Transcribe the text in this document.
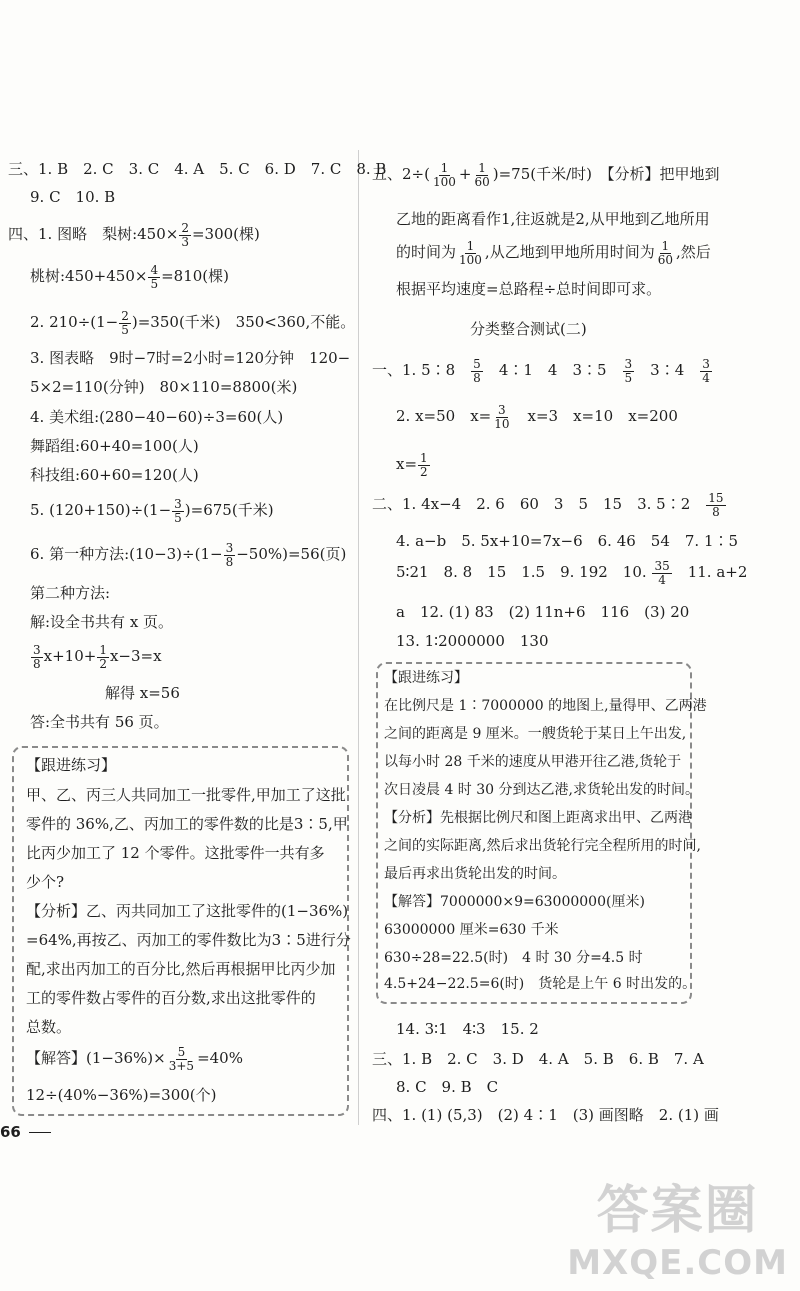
三、1. B　2. C　3. C　4. A　5. C　6. D　7. C　8. B
9. C　10. B
四、1. 图略　梨树:450× $\frac{2}{3} =300$(棵)
桃树:450+450× $\frac{4}{5} =810$(棵)
2. $210\div(1- \frac{2}{5} )=350$(千米)　350<360,不能。
3. 图表略　9时−7时=2小时=120分钟　120−
5×2=110(分钟)　80×110=8800(米)
4. 美术组:(280−40−60)÷3=60(人)
舞蹈组:60+40=100(人)
科技组:60+60=120(人)
5. $(120+150)\div(1- \frac{3}{5} )=675$(千米)
6. 第一种方法:(10−3)÷(1− $\frac{3}{8} -50\%)=56$(页)
第二种方法:
解:设全书共有 x 页。
$\frac{3}{8} x+10+ \frac{1}{2} x-3=x$
解得 x=56
答:全书共有 56 页。
【跟进练习】
甲、乙、丙三人共同加工一批零件,甲加工了这批
零件的 36%,乙、丙加工的零件数的比是3∶5,甲
比丙少加工了 12 个零件。这批零件一共有多
少个?
【分析】乙、丙共同加工了这批零件的(1−36%)
=64%,再按乙、丙加工的零件数比为3∶5进行分
配,求出丙加工的百分比,然后再根据甲比丙少加
工的零件数占零件的百分数,求出这批零件的
总数。
【解答】$(1-36\%)\times \frac{5}{3+5} =40\%$
12÷(40%−36%)=300(个)
66
五、$2\div( \frac{1}{100} + \frac{1}{60} )=75$(千米/时)　【分析】把甲地到
乙地的距离看作1,往返就是2,从甲地到乙地所用
的时间为 $\frac{1}{100}$ ,从乙地到甲地所用时间为 $\frac{1}{60}$ ,然后
根据平均速度=总路程÷总时间即可求。
分类整合测试(二)
一、1. 5∶8　 $\frac{5}{8}$ 　4∶1　4　3∶5　 $\frac{3}{5}$ 　3∶4　 $\frac{3}{4}$
2. x=50　$x= \frac{3}{10}$ 　x=3　x=10　x=200
$x= \frac{1}{2}$
二、1. 4x−4　2. 6　60　3　5　15　3. 5∶2　 $\frac{15}{8}$
4. a−b　5. 5x+10=7x−6　6. 46　54　7. 1∶5
5∶21　8. 8　15　1.5　9. 192　10. $\frac{35}{4}$ 　11. a+2
a　12. (1) 83　(2) 11n+6　116　(3) 20
13. 1∶2000000　130
【跟进练习】
在比例尺是 1∶7000000 的地图上,量得甲、乙两港
之间的距离是 9 厘米。一艘货轮于某日上午出发,
以每小时 28 千米的速度从甲港开往乙港,货轮于
次日凌晨 4 时 30 分到达乙港,求货轮出发的时间。
【分析】先根据比例尺和图上距离求出甲、乙两港
之间的实际距离,然后求出货轮行完全程所用的时间,
最后再求出货轮出发的时间。
【解答】7000000×9=63000000(厘米)
63000000 厘米=630 千米
630÷28=22.5(时)　4 时 30 分=4.5 时
4.5+24−22.5=6(时)　货轮是上午 6 时出发的。
14. 3∶1　4∶3　15. 2
三、1. B　2. C　3. D　4. A　5. B　6. B　7. A
8. C　9. B　C
四、1. (1) (5,3)　(2) 4∶1　(3) 画图略　2. (1) 画
答案圈
MXQE.COM
